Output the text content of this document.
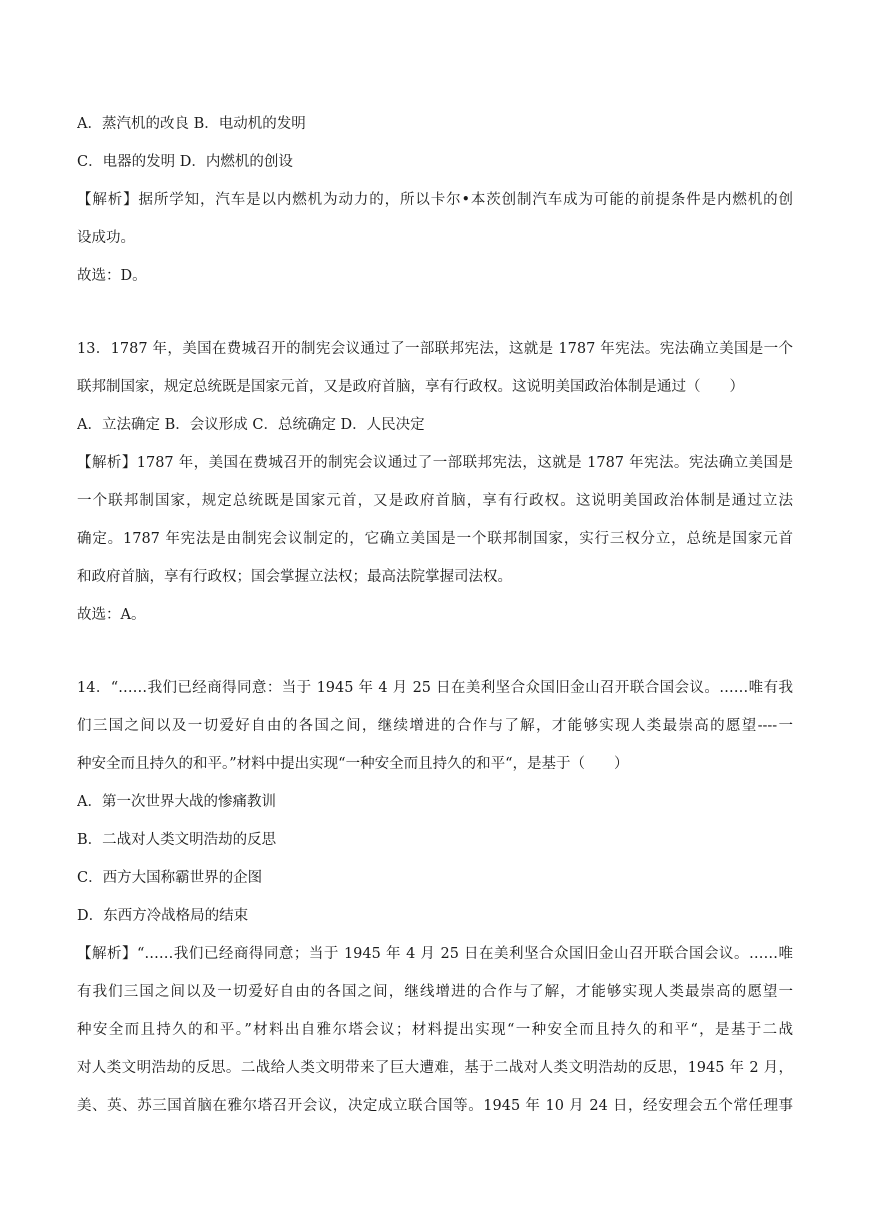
A．蒸汽机的改良 B．电动机的发明
C．电器的发明 D．内燃机的创设
【解析】据所学知，汽车是以内燃机为动力的，所以卡尔•本茨创制汽车成为可能的前提条件是内燃机的创
设成功。
故选：D。
13．1787 年，美国在费城召开的制宪会议通过了一部联邦宪法，这就是 1787 年宪法。宪法确立美国是一个
联邦制国家，规定总统既是国家元首，又是政府首脑，享有行政权。这说明美国政治体制是通过（　　）
A．立法确定 B．会议形成 C．总统确定 D．人民决定
【解析】1787 年，美国在费城召开的制宪会议通过了一部联邦宪法，这就是 1787 年宪法。宪法确立美国是
一个联邦制国家，规定总统既是国家元首，又是政府首脑，享有行政权。这说明美国政治体制是通过立法
确定。1787 年宪法是由制宪会议制定的，它确立美国是一个联邦制国家，实行三权分立，总统是国家元首
和政府首脑，享有行政权；国会掌握立法权；最高法院掌握司法权。
故选：A。
14．“……我们已经商得同意：当于 1945 年 4 月 25 日在美利坚合众国旧金山召开联合国会议。……唯有我
们三国之间以及一切爱好自由的各国之间，继续增进的合作与了解，才能够实现人类最崇高的愿望----一
种安全而且持久的和平。”材料中提出实现“一种安全而且持久的和平“，是基于（　　）
A．第一次世界大战的惨痛教训
B．二战对人类文明浩劫的反思
C．西方大国称霸世界的企图
D．东西方冷战格局的结束
【解析】“……我们已经商得同意；当于 1945 年 4 月 25 日在美利坚合众国旧金山召开联合国会议。……唯
有我们三国之间以及一切爱好自由的各国之间，继线增进的合作与了解，才能够实现人类最崇高的愿望一
种安全而且持久的和平。”材料出自雅尔塔会议；材料提出实现“一种安全而且持久的和平“，是基于二战
对人类文明浩劫的反思。二战给人类文明带来了巨大遭难，基于二战对人类文明浩劫的反思，1945 年 2 月，
美、英、苏三国首脑在雅尔塔召开会议，决定成立联合国等。1945 年 10 月 24 日，经安理会五个常任理事
